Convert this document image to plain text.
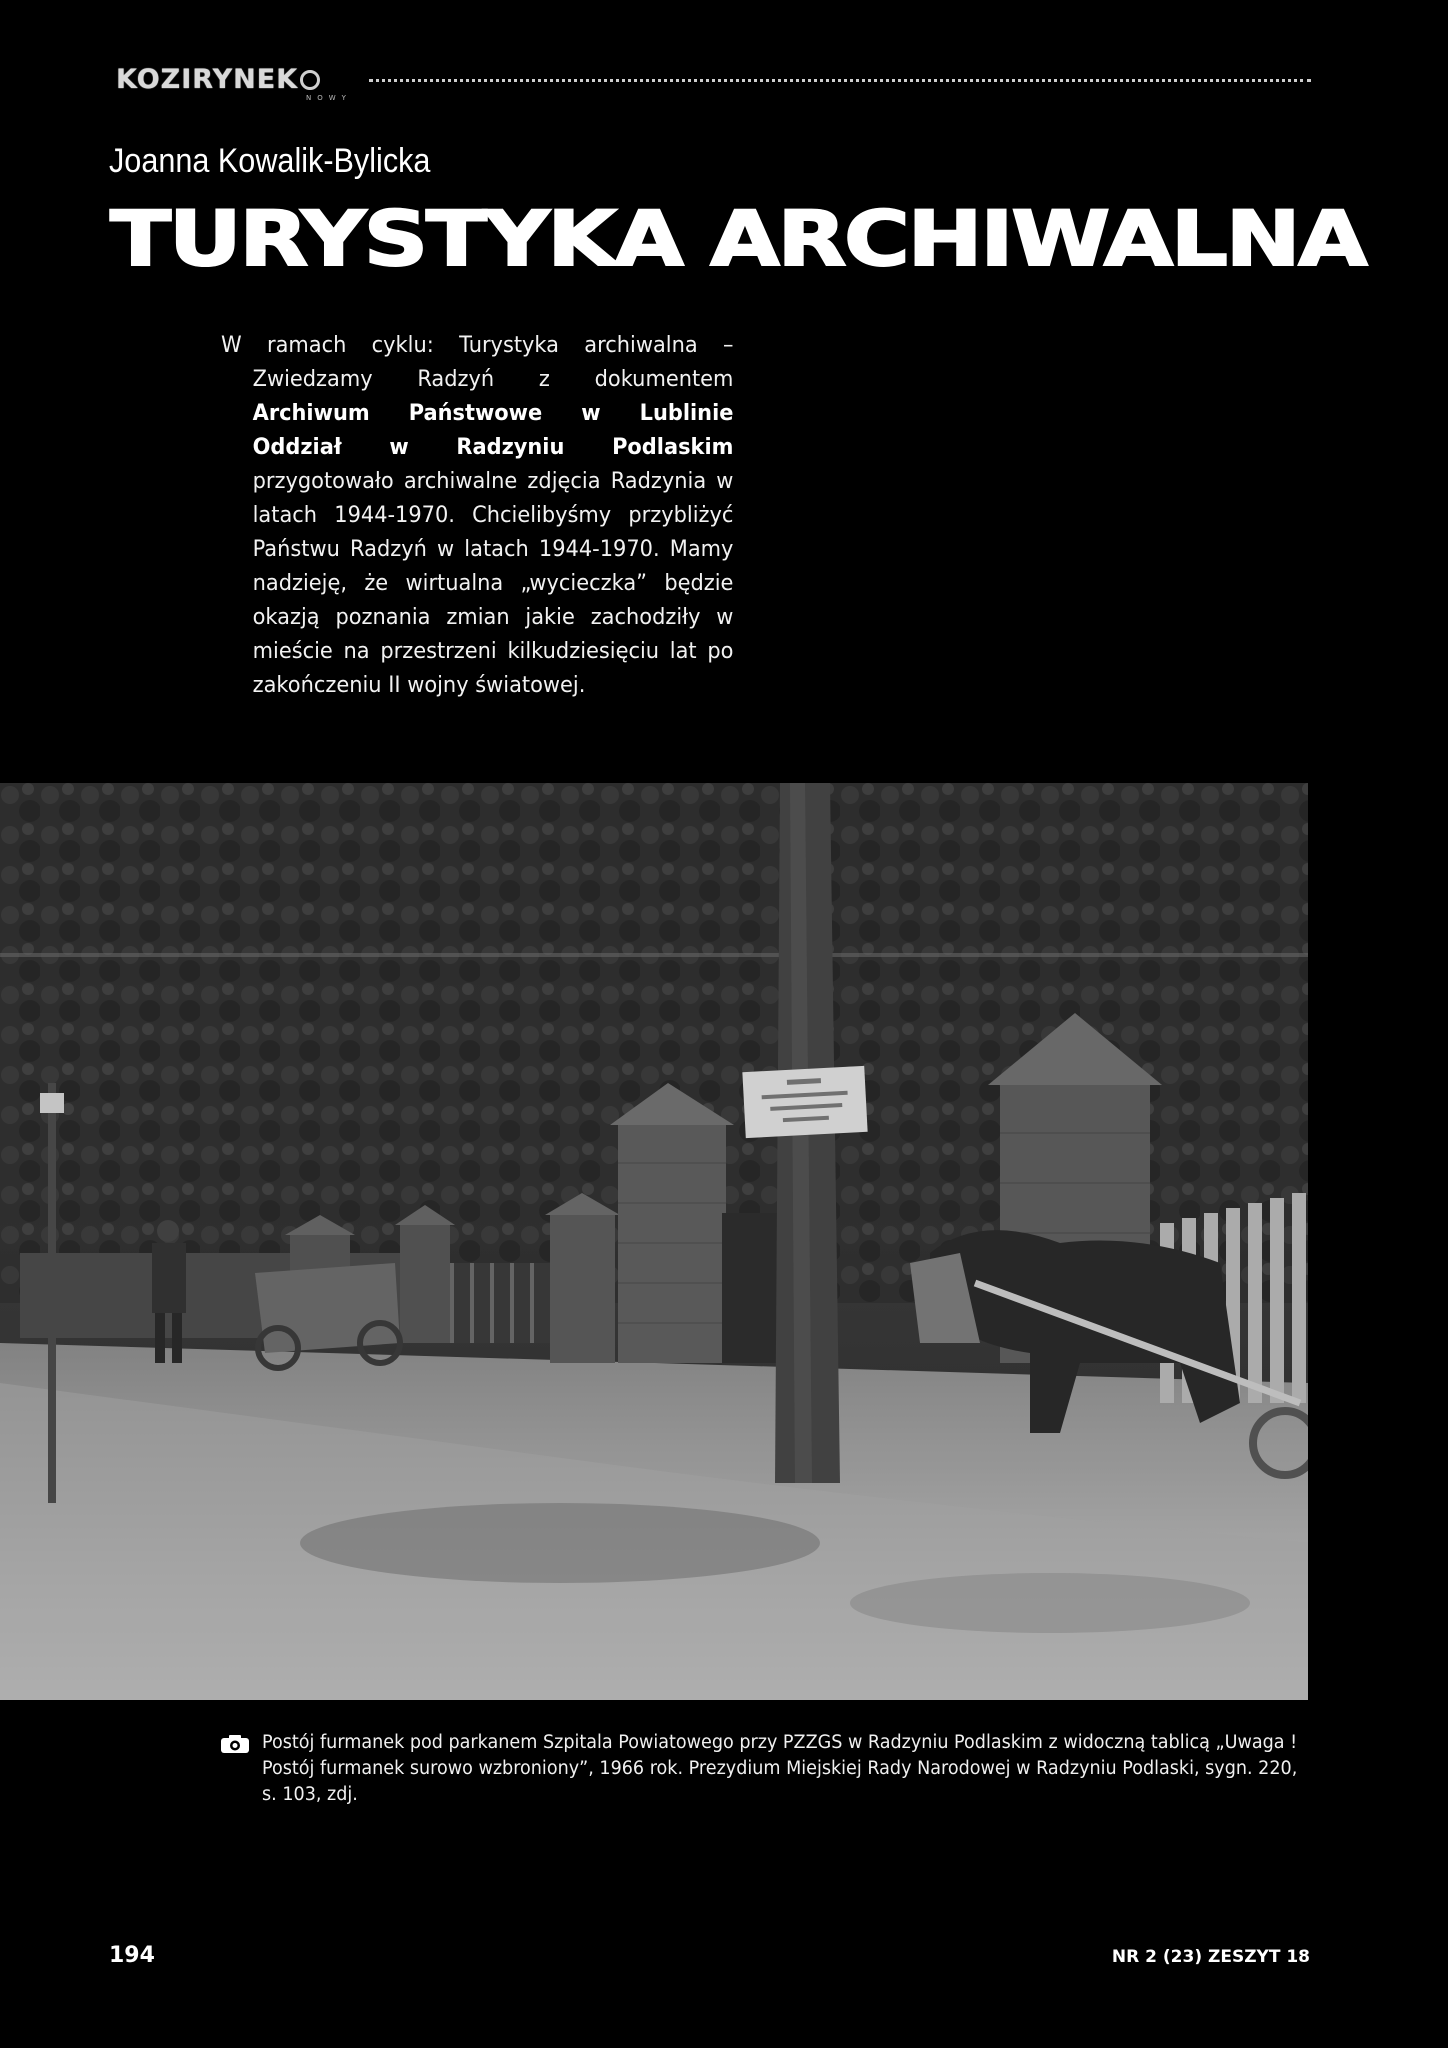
KOZIRYNEK
NOWY
Joanna Kowalik-Bylicka
TURYSTYKA ARCHIWALNA
W ramach cyklu: Turystyka archiwalna – Zwiedzamy Radzyń z dokumentem Archiwum Państwowe w Lublinie Oddział w Radzyniu Podlaskim przygotowało archiwalne zdjęcia Radzynia w latach 1944-1970. Chcielibyśmy przybliżyć Państwu Radzyń w latach 1944-1970. Mamy nadzieję, że wirtualna „wycieczka” będzie okazją poznania zmian jakie zachodziły w mieście na przestrzeni kilkudziesięciu lat po zakończeniu II wojny światowej.
Postój furmanek pod parkanem Szpitala Powiatowego przy PZZGS w Radzyniu Podlaskim z widoczną tablicą „Uwaga ! Postój furmanek surowo wzbroniony”, 1966 rok. Prezydium Miejskiej Rady Narodowej w Radzyniu Podlaski, sygn. 220, s. 103, zdj.
194	NR 2 (23) ZESZYT 18
